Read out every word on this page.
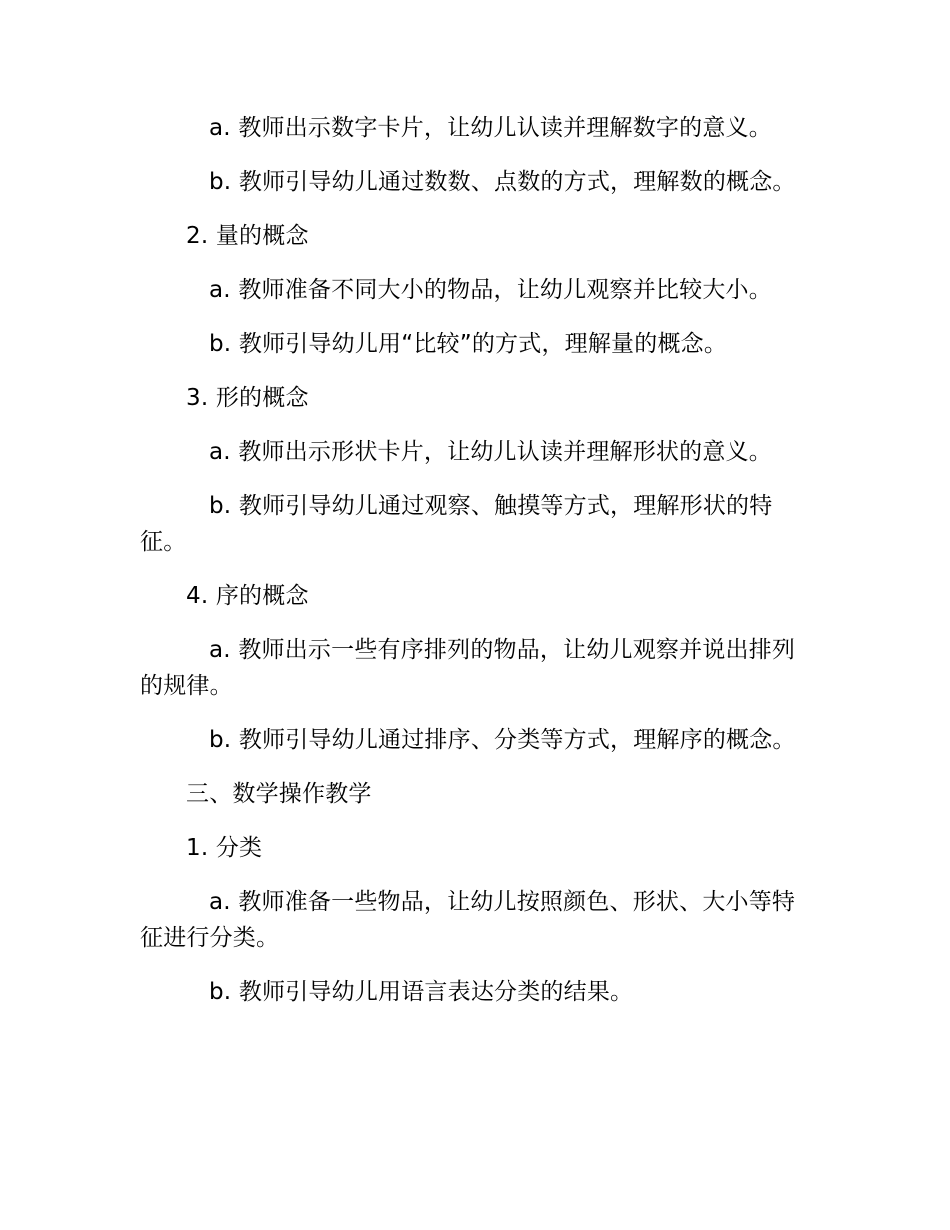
a. 教师出示数字卡片，让幼儿认读并理解数字的意义。

b. 教师引导幼儿通过数数、点数的方式，理解数的概念。

2. 量的概念

a. 教师准备不同大小的物品，让幼儿观察并比较大小。

b. 教师引导幼儿用“比较”的方式，理解量的概念。

3. 形的概念

a. 教师出示形状卡片，让幼儿认读并理解形状的意义。

b. 教师引导幼儿通过观察、触摸等方式，理解形状的特征。

4. 序的概念

a. 教师出示一些有序排列的物品，让幼儿观察并说出排列的规律。

b. 教师引导幼儿通过排序、分类等方式，理解序的概念。

三、数学操作教学

1. 分类

a. 教师准备一些物品，让幼儿按照颜色、形状、大小等特征进行分类。

b. 教师引导幼儿用语言表达分类的结果。
